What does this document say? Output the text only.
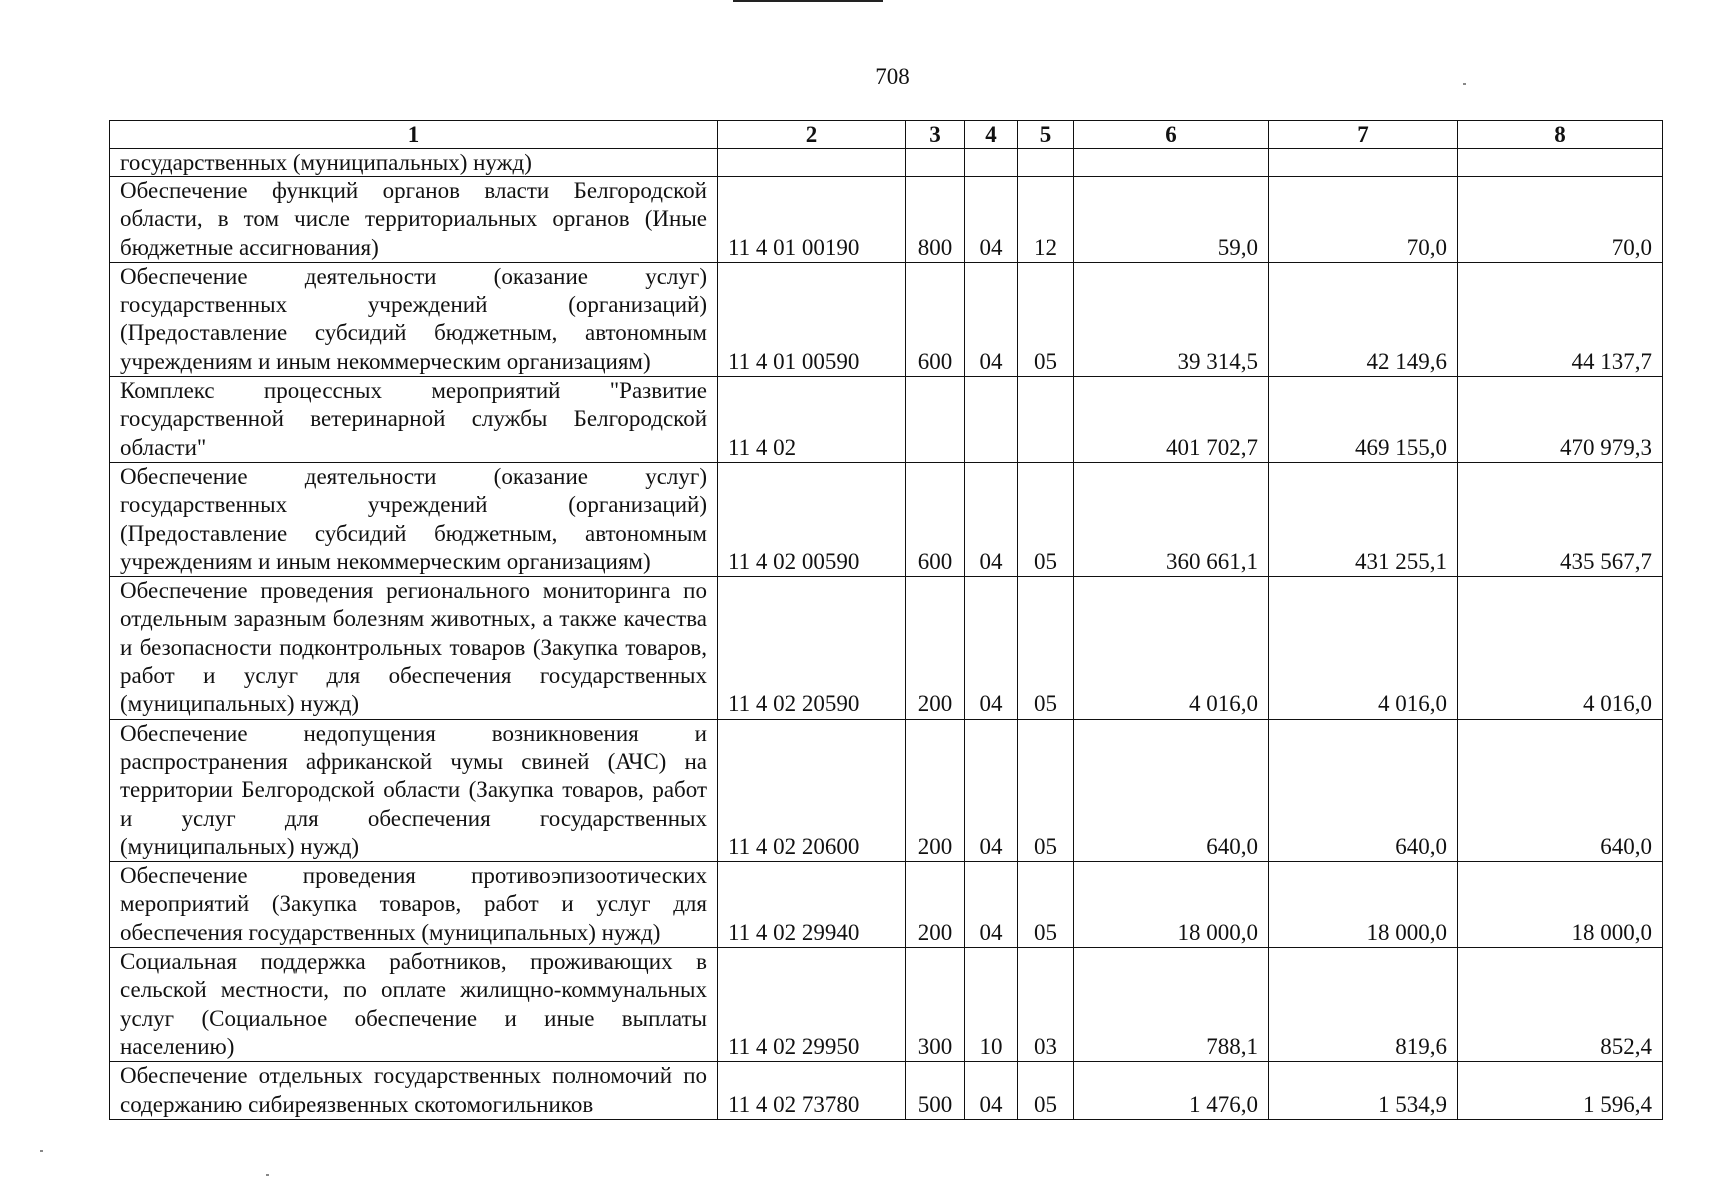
708
1	2	3	4	5	6	7	8
государственных (муниципальных) нужд)							
Обеспечение функций органов власти Белгородской области, в том числе территориальных органов (Иные бюджетные ассигнования)	11 4 01 00190	800	04	12	59,0	70,0	70,0
Обеспечение деятельности (оказание услуг) государственных учреждений (организаций) (Предоставление субсидий бюджетным, автономным учреждениям и иным некоммерческим организациям)	11 4 01 00590	600	04	05	39 314,5	42 149,6	44 137,7
Комплекс процессных мероприятий "Развитие государственной ветеринарной службы Белгородской области"	11 4 02				401 702,7	469 155,0	470 979,3
Обеспечение деятельности (оказание услуг) государственных учреждений (организаций) (Предоставление субсидий бюджетным, автономным учреждениям и иным некоммерческим организациям)	11 4 02 00590	600	04	05	360 661,1	431 255,1	435 567,7
Обеспечение проведения регионального мониторинга по отдельным заразным болезням животных, а также качества и безопасности подконтрольных товаров (Закупка товаров, работ и услуг для обеспечения государственных (муниципальных) нужд)	11 4 02 20590	200	04	05	4 016,0	4 016,0	4 016,0
Обеспечение недопущения возникновения и распространения африканской чумы свиней (АЧС) на территории Белгородской области (Закупка товаров, работ и услуг для обеспечения государственных (муниципальных) нужд)	11 4 02 20600	200	04	05	640,0	640,0	640,0
Обеспечение проведения противоэпизоотических мероприятий (Закупка товаров, работ и услуг для обеспечения государственных (муниципальных) нужд)	11 4 02 29940	200	04	05	18 000,0	18 000,0	18 000,0
Социальная поддержка работников, проживающих в сельской местности, по оплате жилищно-коммунальных услуг (Социальное обеспечение и иные выплаты населению)	11 4 02 29950	300	10	03	788,1	819,6	852,4
Обеспечение отдельных государственных полномочий по содержанию сибиреязвенных скотомогильников	11 4 02 73780	500	04	05	1 476,0	1 534,9	1 596,4
